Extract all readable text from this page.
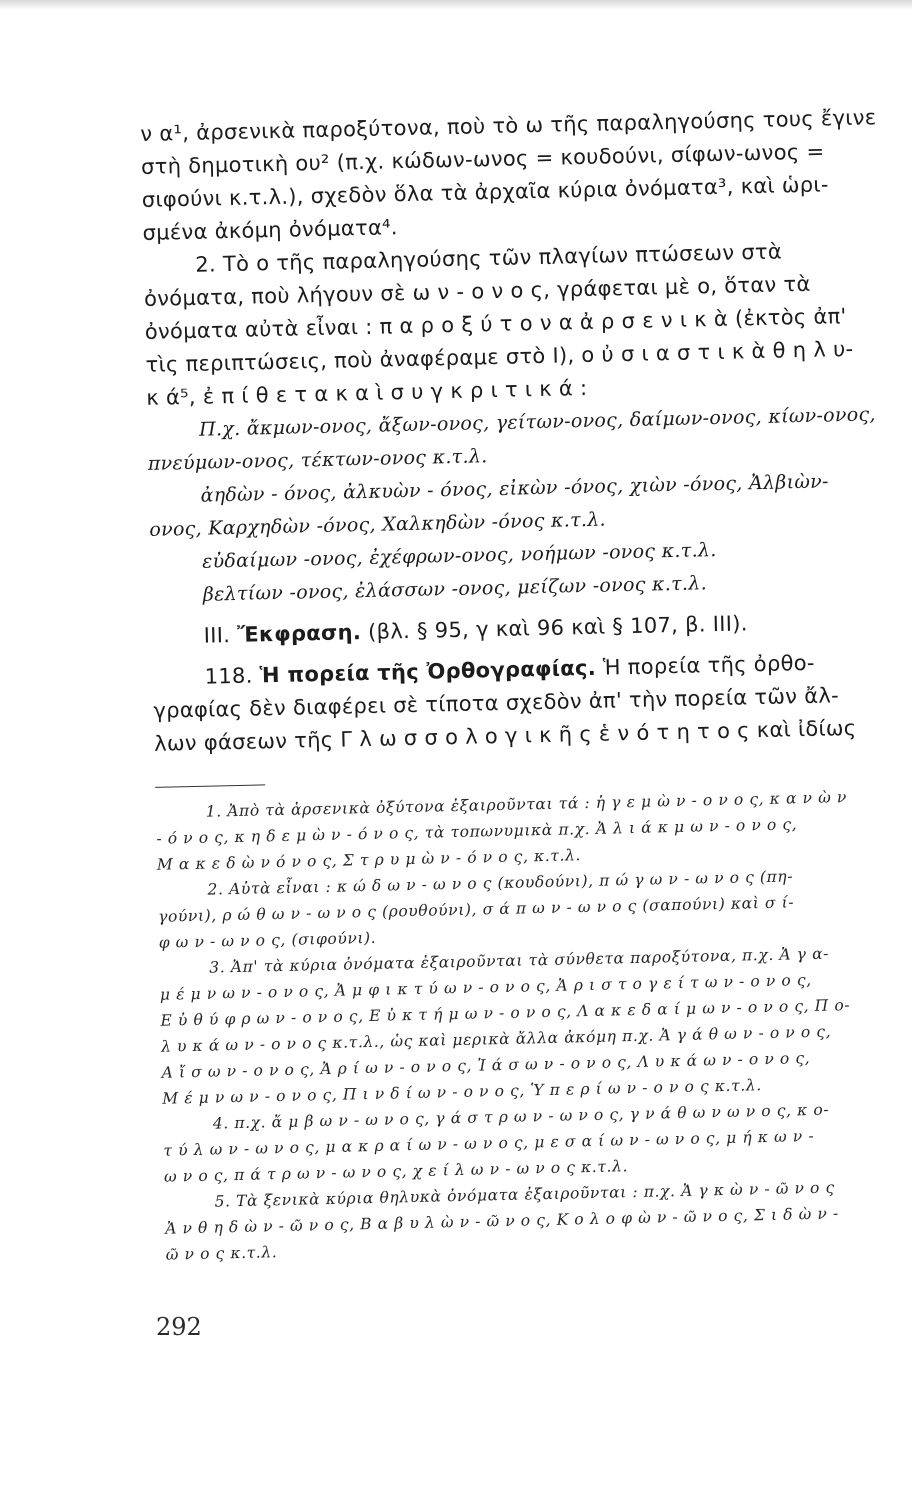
ν α¹, ἀρσενικὰ παροξύτονα, ποὺ τὸ ω τῆς παραληγούσης τους ἔγινε
στὴ δημοτικὴ ου² (π.χ. κώδων-ωνος = κουδούνι, σίφων-ωνος =
σιφούνι κ.τ.λ.), σχεδὸν ὅλα τὰ ἀρχαῖα κύρια ὀνόματα³, καὶ ὡρι-
σμένα ἀκόμη ὀνόματα⁴.
2. Τὸ ο τῆς παραληγούσης τῶν πλαγίων πτώσεων στὰ
ὀνόματα, ποὺ λήγουν σὲ ω ν - ο ν ο ς, γράφεται μὲ ο, ὅταν τὰ
ὀνόματα αὐτὰ εἶναι : π α ρ ο ξ ύ τ ο ν α ἀ ρ σ ε ν ι κ ὰ (ἐκτὸς ἀπ'
τὶς περιπτώσεις, ποὺ ἀναφέραμε στὸ Ι), ο ὐ σ ι α σ τ ι κ ὰ θ η λ υ-
κ ά⁵, ἐ π ί θ ε τ α κ α ὶ σ υ γ κ ρ ι τ ι κ ά :
Π.χ. ἄκμων-ονος, ἄξων-ονος, γείτων-ονος, δαίμων-ονος, κίων-ονος,
πνεύμων-ονος, τέκτων-ονος κ.τ.λ.
ἀηδὼν - όνος, ἀλκυὼν - όνος, εἰκὼν -όνος, χιὼν -όνος, Ἀλβιὼν-
ονος, Καρχηδὼν -όνος, Χαλκηδὼν -όνος κ.τ.λ.
εὐδαίμων -ονος, ἐχέφρων-ονος, νοήμων -ονος κ.τ.λ.
βελτίων -ονος, ἐλάσσων -ονος, μείζων -ονος κ.τ.λ.
ΙΙΙ. Ἔκφραση. (βλ. § 95, γ καὶ 96 καὶ § 107, β. ΙΙΙ).
118. Ἡ πορεία τῆς Ὀρθογραφίας. Ἡ πορεία τῆς ὀρθο-
γραφίας δὲν διαφέρει σὲ τίποτα σχεδὸν ἀπ' τὴν πορεία τῶν ἄλ-
λων φάσεων τῆς Γ λ ω σ σ ο λ ο γ ι κ ῆ ς ἑ ν ό τ η τ ο ς καὶ ἰδίως
1. Ἀπὸ τὰ ἀρσενικὰ ὀξύτονα ἐξαιροῦνται τά : ἡ γ ε μ ὼ ν - ο ν ο ς, κ α ν ὼ ν
- ό ν ο ς, κ η δ ε μ ὼ ν - ό ν ο ς, τὰ τοπωνυμικὰ π.χ. Ἀ λ ι ά κ μ ω ν - ο ν ο ς,
Μ α κ ε δ ὼ ν ό ν ο ς, Σ τ ρ υ μ ὼ ν - ό ν ο ς, κ.τ.λ.
2. Αὐτὰ εἶναι : κ ώ δ ω ν - ω ν ο ς (κουδούνι), π ώ γ ω ν - ω ν ο ς (πη-
γούνι), ρ ώ θ ω ν - ω ν ο ς (ρουθούνι), σ ά π ω ν - ω ν ο ς (σαπούνι) καὶ σ ί-
φ ω ν - ω ν ο ς, (σιφούνι).
3. Ἀπ' τὰ κύρια ὀνόματα ἐξαιροῦνται τὰ σύνθετα παροξύτονα, π.χ. Ἀ γ α-
μ έ μ ν ω ν - ο ν ο ς, Ἀ μ φ ι κ τ ύ ω ν - ο ν ο ς, Ἀ ρ ι σ τ ο γ ε ί τ ω ν - ο ν ο ς,
Ε ὐ θ ύ φ ρ ω ν - ο ν ο ς, Ε ὐ κ τ ή μ ω ν - ο ν ο ς, Λ α κ ε δ α ί μ ω ν - ο ν ο ς, Π ο-
λ υ κ ά ω ν - ο ν ο ς κ.τ.λ., ὡς καὶ μερικὰ ἄλλα ἀκόμη π.χ. Ἀ γ ά θ ω ν - ο ν ο ς,
Α ἴ σ ω ν - ο ν ο ς, Ἀ ρ ί ω ν - ο ν ο ς, Ἰ ά σ ω ν - ο ν ο ς, Λ υ κ ά ω ν - ο ν ο ς,
Μ έ μ ν ω ν - ο ν ο ς, Π ι ν δ ί ω ν - ο ν ο ς, Ὑ π ε ρ ί ω ν - ο ν ο ς κ.τ.λ.
4. π.χ. ἄ μ β ω ν - ω ν ο ς, γ ά σ τ ρ ω ν - ω ν ο ς, γ ν ά θ ω ν ω ν ο ς, κ ο-
τ ύ λ ω ν - ω ν ο ς, μ α κ ρ α ί ω ν - ω ν ο ς, μ ε σ α ί ω ν - ω ν ο ς, μ ή κ ω ν -
ω ν ο ς, π ά τ ρ ω ν - ω ν ο ς, χ ε ί λ ω ν - ω ν ο ς κ.τ.λ.
5. Τὰ ξενικὰ κύρια θηλυκὰ ὀνόματα ἐξαιροῦνται : π.χ. Ἀ γ κ ὼ ν - ῶ ν ο ς
Ἀ ν θ η δ ὼ ν - ῶ ν ο ς, Β α β υ λ ὼ ν - ῶ ν ο ς, Κ ο λ ο φ ὼ ν - ῶ ν ο ς, Σ ι δ ὼ ν -
ῶ ν ο ς κ.τ.λ.
292
